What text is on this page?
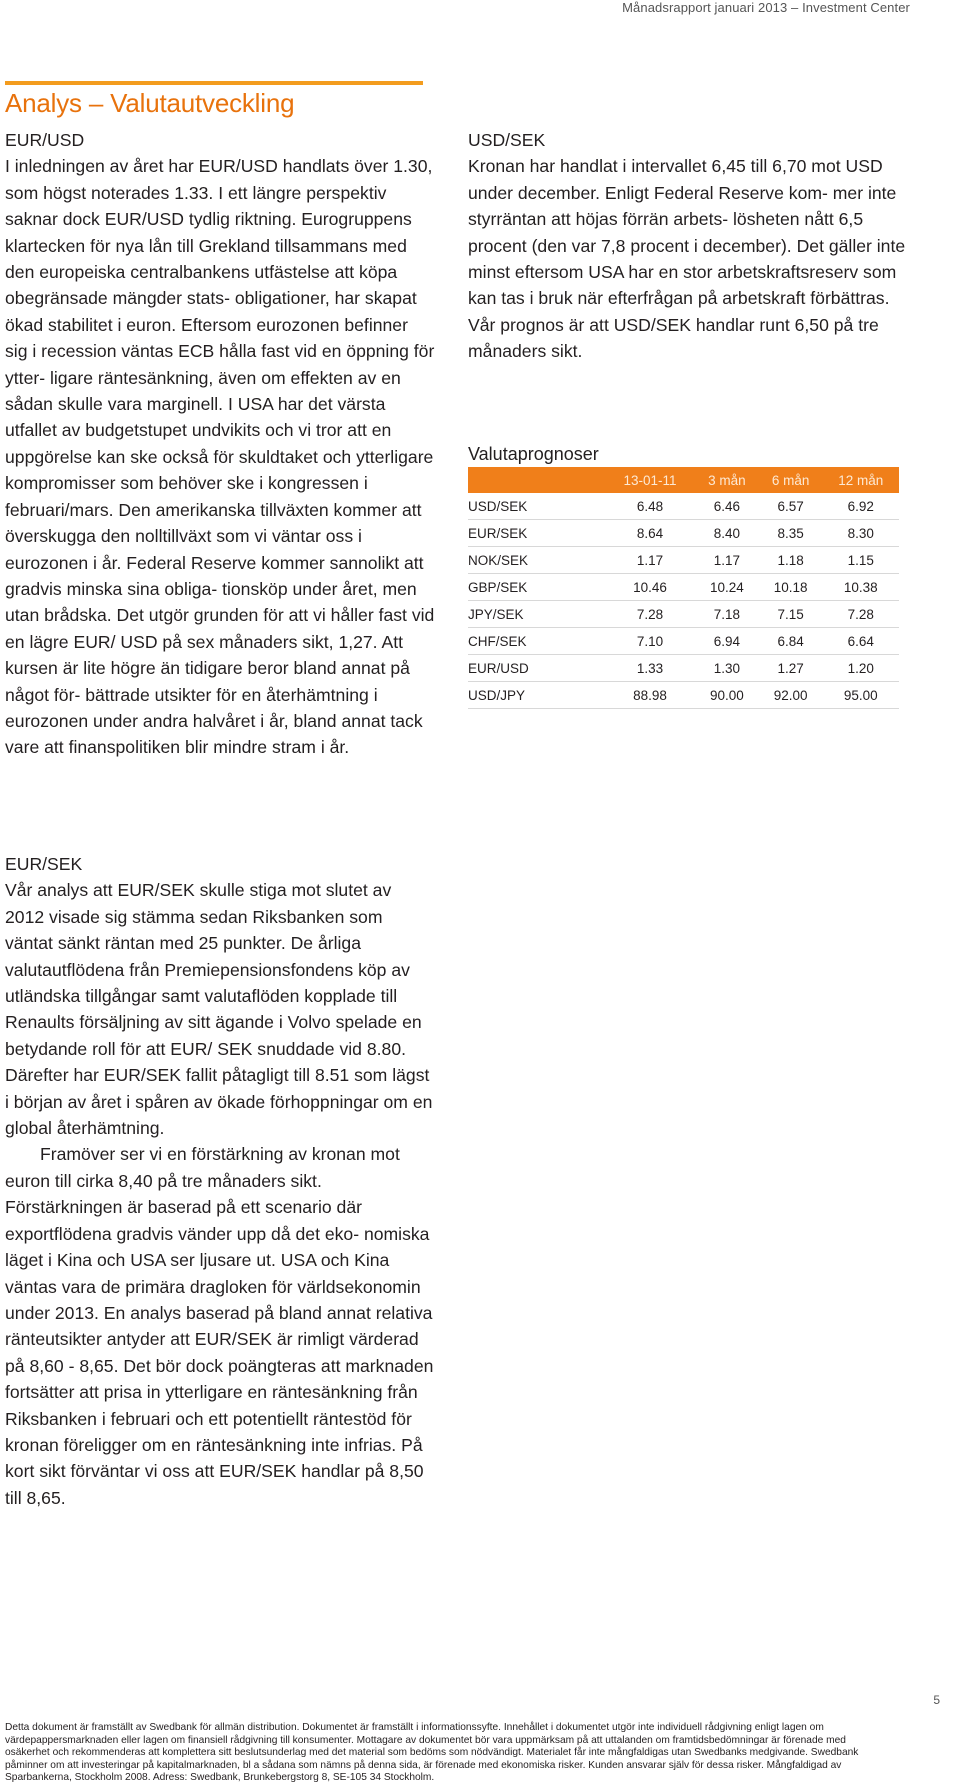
Månadsrapport januari 2013 – Investment Center
Analys – Valutautveckling
EUR/USD

I inledningen av året har EUR/USD handlats över 1.30, som högst noterades 1.33. I ett längre perspektiv saknar dock EUR/USD tydlig riktning. Eurogruppens klartecken för nya lån till Grekland tillsammans med den europeiska centralbankens utfästelse att köpa obegränsade mängder stats- obligationer, har skapat ökad stabilitet i euron. Eftersom eurozonen befinner sig i recession väntas ECB hålla fast vid en öppning för ytter- ligare räntesänkning, även om effekten av en sådan skulle vara marginell. I USA har det värsta utfallet av budgetstupet undvikits och vi tror att en uppgörelse kan ske också för skuldtaket och ytterligare kompromisser som behöver ske i kongressen i februari/mars. Den amerikanska tillväxten kommer att överskugga den nolltillväxt som vi väntar oss i eurozonen i år. Federal Reserve kommer sannolikt att gradvis minska sina obliga- tionsköp under året, men utan brådska. Det utgör grunden för att vi håller fast vid en lägre EUR/ USD på sex månaders sikt, 1,27. Att kursen är lite högre än tidigare beror bland annat på något för- bättrade utsikter för en återhämtning i eurozonen under andra halvåret i år, bland annat tack vare att finanspolitiken blir mindre stram i år.

EUR/SEK

Vår analys att EUR/SEK skulle stiga mot slutet av 2012 visade sig stämma sedan Riksbanken som väntat sänkt räntan med 25 punkter. De årliga valutautflödena från Premiepensionsfondens köp av utländska tillgångar samt valutaflöden kopplade till Renaults försäljning av sitt ägande i Volvo spelade en betydande roll för att EUR/ SEK snuddade vid 8.80. Därefter har EUR/SEK fallit påtagligt till 8.51 som lägst i början av året i spåren av ökade förhoppningar om en global återhämtning.

Framöver ser vi en förstärkning av kronan mot euron till cirka 8,40 på tre månaders sikt. Förstärkningen är baserad på ett scenario där exportflödena gradvis vänder upp då det eko- nomiska läget i Kina och USA ser ljusare ut. USA och Kina väntas vara de primära dragloken för världsekonomin under 2013. En analys baserad på bland annat relativa ränteutsikter antyder att EUR/SEK är rimligt värderad på 8,60 - 8,65. Det bör dock poängteras att marknaden fortsätter att prisa in ytterligare en räntesänkning från Riksbanken i februari och ett potentiellt räntestöd för kronan föreligger om en räntesänkning inte infrias. På kort sikt förväntar vi oss att EUR/SEK handlar på 8,50 till 8,65.

USD/SEK

Kronan har handlat i intervallet 6,45 till 6,70 mot USD under december. Enligt Federal Reserve kom- mer inte styrräntan att höjas förrän arbets- lösheten nått 6,5 procent (den var 7,8 procent i december). Det gäller inte minst eftersom USA har en stor arbetskraftsreserv som kan tas i bruk när efterfrågan på arbetskraft förbättras. Vår prognos är att USD/SEK handlar runt 6,50 på tre månaders sikt.

Valutaprognoser
	13-01-11	3 mån	6 mån	12 mån
USD/SEK	6.48	6.46	6.57	6.92
EUR/SEK	8.64	8.40	8.35	8.30
NOK/SEK	1.17	1.17	1.18	1.15
GBP/SEK	10.46	10.24	10.18	10.38
JPY/SEK	7.28	7.18	7.15	7.28
CHF/SEK	7.10	6.94	6.84	6.64
EUR/USD	1.33	1.30	1.27	1.20
USD/JPY	88.98	90.00	92.00	95.00
5

Detta dokument är framställt av Swedbank för allmän distribution. Dokumentet är framställt i informationssyfte. Innehållet i dokumentet utgör inte individuell rådgivning enligt lagen om värdepappersmarknaden eller lagen om finansiell rådgivning till konsumenter. Mottagare av dokumentet bör vara uppmärksam på att uttalanden om framtidsbedömningar är förenade med osäkerhet och rekommenderas att komplettera sitt beslutsunderlag med det material som bedöms som nödvändigt. Materialet får inte mångfaldigas utan Swedbanks medgivande. Swedbank påminner om att investeringar på kapitalmarknaden, bl a sådana som nämns på denna sida, är förenade med ekonomiska risker. Kunden ansvarar själv för dessa risker. Mångfaldigad av Sparbankerna, Stockholm 2008. Adress: Swedbank, Brunkebergstorg 8, SE-105 34 Stockholm.
